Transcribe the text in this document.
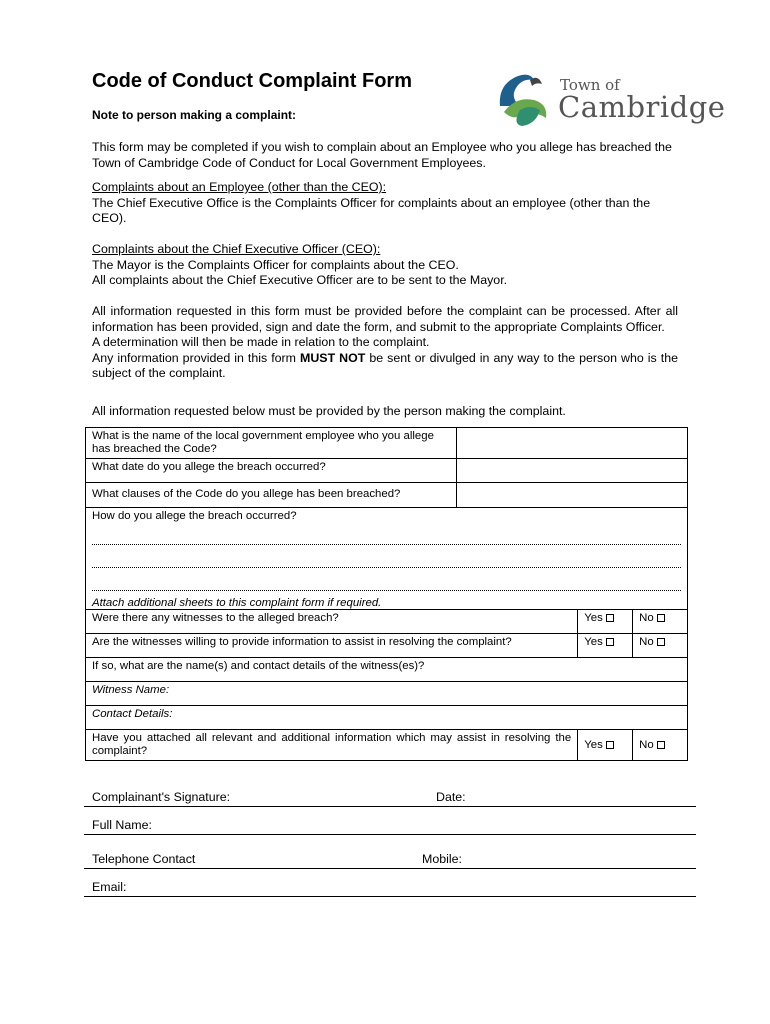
Code of Conduct Complaint Form	Town of
Cambridge
Note to person making a complaint:
This form may be completed if you wish to complain about an Employee who you allege has breached the Town of Cambridge Code of Conduct for Local Government Employees.
Complaints about an Employee (other than the CEO):
The Chief Executive Office is the Complaints Officer for complaints about an employee (other than the CEO).
Complaints about the Chief Executive Officer (CEO):
The Mayor is the Complaints Officer for complaints about the CEO.
All complaints about the Chief Executive Officer are to be sent to the Mayor.
All information requested in this form must be provided before the complaint can be processed. After all information has been provided, sign and date the form, and submit to the appropriate Complaints Officer.
A determination will then be made in relation to the complaint.
Any information provided in this form MUST NOT be sent or divulged in any way to the person who is the subject of the complaint.
All information requested below must be provided by the person making the complaint.
What is the name of the local government employee who you allege has breached the Code?			
What date do you allege the breach occurred?			
What clauses of the Code do you allege has been breached?			

How do you allege the breach occurred?
Attach additional sheets to this complaint form if required.			

Were there any witnesses to the alleged breach?		Yes	No
Are the witnesses willing to provide information to assist in resolving the complaint?		Yes	No
If so, what are the name(s) and contact details of the witness(es)?			
Witness Name:			
Contact Details:			
Have you attached all relevant and additional information which may assist in resolving the complaint?		Yes	No
Complainant's Signature:	Date:
Full Name:
Telephone Contact	Mobile:
Email:
